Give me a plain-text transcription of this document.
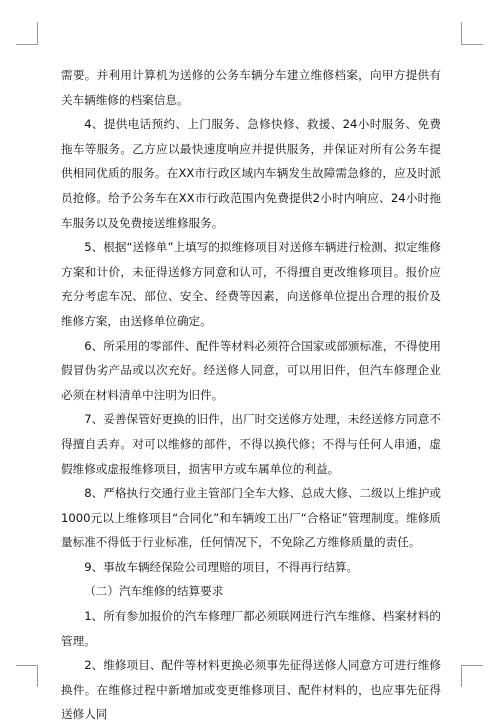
需要。并利用计算机为送修的公务车辆分车建立维修档案，向甲方提供有关车辆维修的档案信息。

4、提供电话预约、上门服务、急修快修、救援、24小时服务、免费拖车等服务。乙方应以最快速度响应并提供服务，并保证对所有公务车提供相同优质的服务。在XX市行政区域内车辆发生故障需急修的，应及时派员抢修。给予公务车在XX市行政范围内免费提供2小时内响应、24小时拖车服务以及免费接送维修服务。

5、根据“送修单”上填写的拟维修项目对送修车辆进行检测、拟定维修方案和计价，未征得送修方同意和认可，不得擅自更改维修项目。报价应充分考虑车况、部位、安全、经费等因素，向送修单位提出合理的报价及维修方案，由送修单位确定。

6、所采用的零部件、配件等材料必须符合国家或部颁标准，不得使用假冒伪劣产品或以次充好。经送修人同意，可以用旧件，但汽车修理企业必须在材料清单中注明为旧件。

7、妥善保管好更换的旧件，出厂时交送修方处理，未经送修方同意不得擅自丢弃。对可以维修的部件，不得以换代修；不得与任何人串通，虚假维修或虚报维修项目，损害甲方或车属单位的利益。

8、严格执行交通行业主管部门全车大修、总成大修、二级以上维护或1000元以上维修项目“合同化”和车辆竣工出厂“合格证”管理制度。维修质量标准不得低于行业标准，任何情况下，不免除乙方维修质量的责任。

9、事故车辆经保险公司理赔的项目，不得再行结算。

（二）汽车维修的结算要求

1、所有参加报价的汽车修理厂都必须联网进行汽车维修、档案材料的管理。

2、维修项目、配件等材料更换必须事先征得送修人同意方可进行维修换件。在维修过程中新增加或变更维修项目、配件材料的，也应事先征得送修人同
